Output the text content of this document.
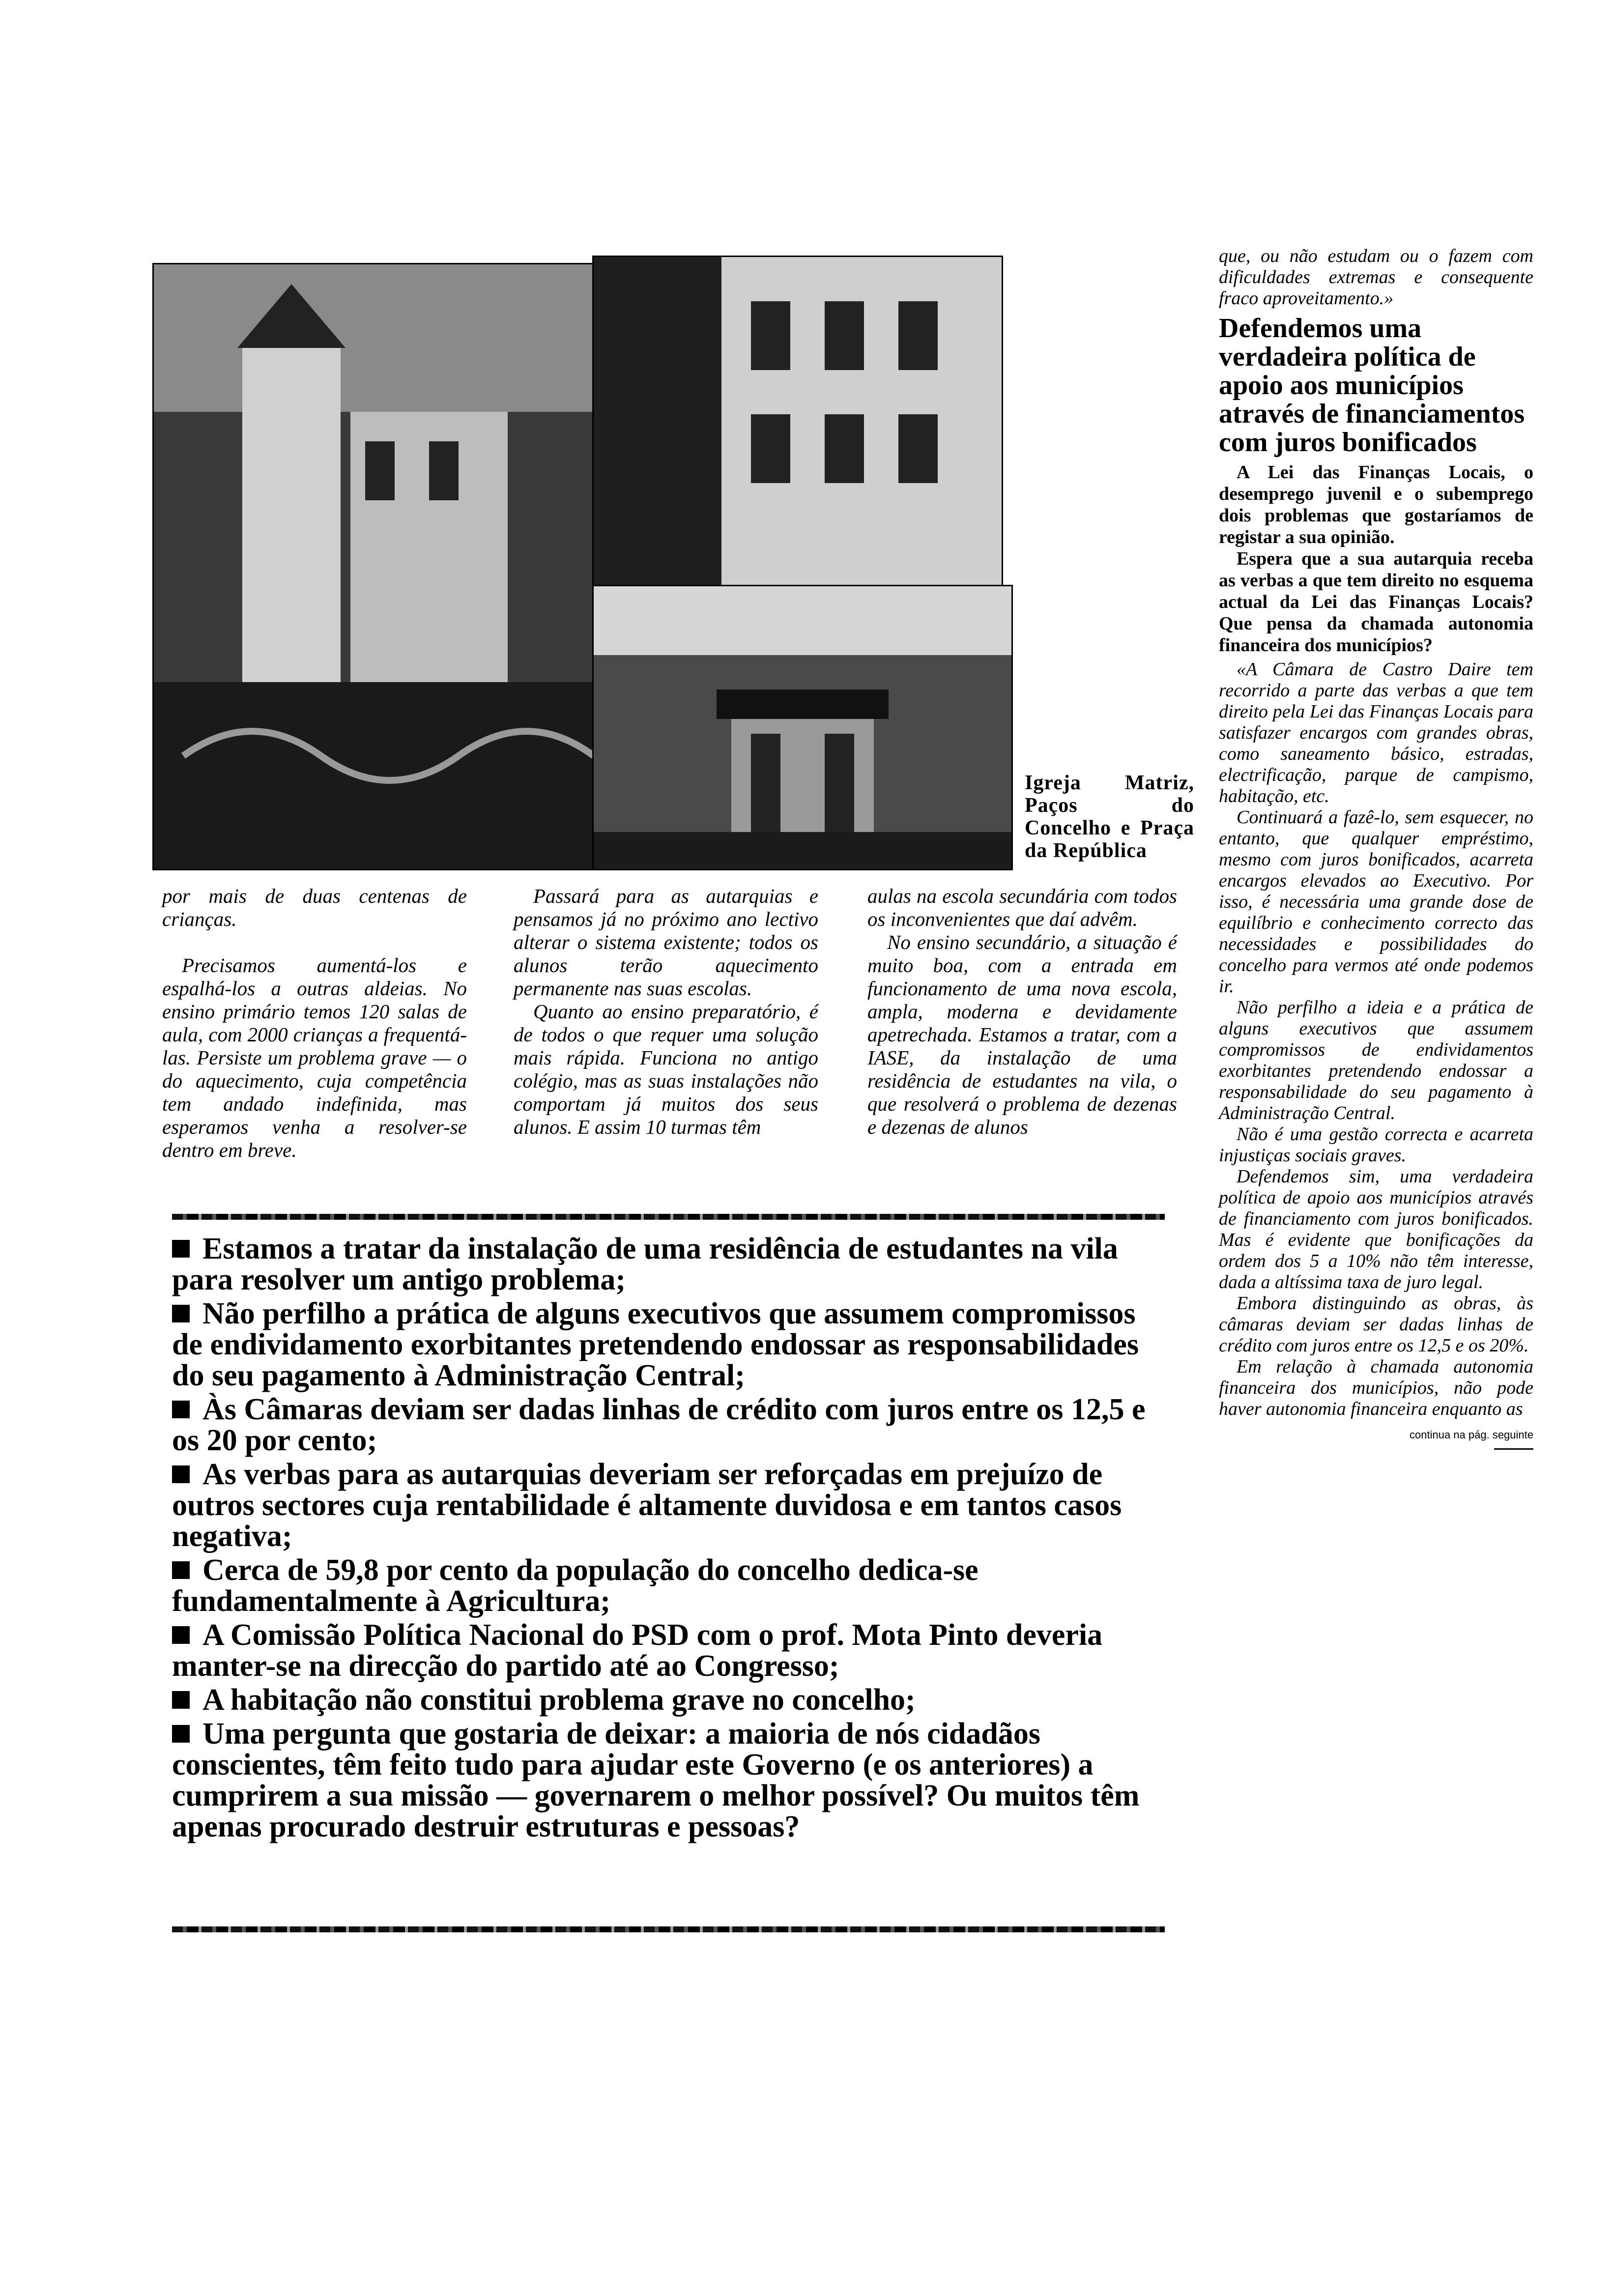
Igreja Matriz, Paços do Concelho e Praça da República

por mais de duas centenas de crianças.

Precisamos aumentá-los e espalhá-los a outras aldeias. No ensino primário temos 120 salas de aula, com 2000 crianças a frequentá-las. Persiste um problema grave — o do aquecimento, cuja competência tem andado indefinida, mas esperamos venha a resolver-se dentro em breve.

Passará para as autarquias e pensamos já no próximo ano lectivo alterar o sistema existente; todos os alunos terão aquecimento permanente nas suas escolas.

Quanto ao ensino preparatório, é de todos o que requer uma solução mais rápida. Funciona no antigo colégio, mas as suas instalações não comportam já muitos dos seus alunos. E assim 10 turmas têm

aulas na escola secundária com todos os inconvenientes que daí advêm.

No ensino secundário, a situação é muito boa, com a entrada em funcionamento de uma nova escola, ampla, moderna e devidamente apetrechada. Estamos a tratar, com a IASE, da instalação de uma residência de estudantes na vila, o que resolverá o problema de dezenas e dezenas de alunos

Estamos a tratar da instalação de uma residência de estudantes na vila para resolver um antigo problema;
Não perfilho a prática de alguns executivos que assumem compromissos de endividamento exorbitantes pretendendo endossar as responsabilidades do seu pagamento à Administração Central;
Às Câmaras deviam ser dadas linhas de crédito com juros entre os 12,5 e os 20 por cento;
As verbas para as autarquias deveriam ser reforçadas em prejuízo de outros sectores cuja rentabilidade é altamente duvidosa e em tantos casos negativa;
Cerca de 59,8 por cento da população do concelho dedica-se fundamentalmente à Agricultura;
A Comissão Política Nacional do PSD com o prof. Mota Pinto deveria manter-se na direcção do partido até ao Congresso;
A habitação não constitui problema grave no concelho;
Uma pergunta que gostaria de deixar: a maioria de nós cidadãos conscientes, têm feito tudo para ajudar este Governo (e os anteriores) a cumprirem a sua missão — governarem o melhor possível? Ou muitos têm apenas procurado destruir estruturas e pessoas?

que, ou não estudam ou o fazem com dificuldades extremas e consequente fraco aproveitamento.»

Defendemos uma verdadeira política de apoio aos municípios através de financiamentos com juros bonificados

A Lei das Finanças Locais, o desemprego juvenil e o subemprego dois problemas que gostaríamos de registar a sua opinião.

Espera que a sua autarquia receba as verbas a que tem direito no esquema actual da Lei das Finanças Locais? Que pensa da chamada autonomia financeira dos municípios?

«A Câmara de Castro Daire tem recorrido a parte das verbas a que tem direito pela Lei das Finanças Locais para satisfazer encargos com grandes obras, como saneamento básico, estradas, electrificação, parque de campismo, habitação, etc.

Continuará a fazê-lo, sem esquecer, no entanto, que qualquer empréstimo, mesmo com juros bonificados, acarreta encargos elevados ao Executivo. Por isso, é necessária uma grande dose de equilíbrio e conhecimento correcto das necessidades e possibilidades do concelho para vermos até onde podemos ir.

Não perfilho a ideia e a prática de alguns executivos que assumem compromissos de endividamentos exorbitantes pretendendo endossar a responsabilidade do seu pagamento à Administração Central.

Não é uma gestão correcta e acarreta injustiças sociais graves.

Defendemos sim, uma verdadeira política de apoio aos municípios através de financiamento com juros bonificados. Mas é evidente que bonificações da ordem dos 5 a 10% não têm interesse, dada a altíssima taxa de juro legal.

Embora distinguindo as obras, às câmaras deviam ser dadas linhas de crédito com juros entre os 12,5 e os 20%.

Em relação à chamada autonomia financeira dos municípios, não pode haver autonomia financeira enquanto as

continua na pág. seguinte
